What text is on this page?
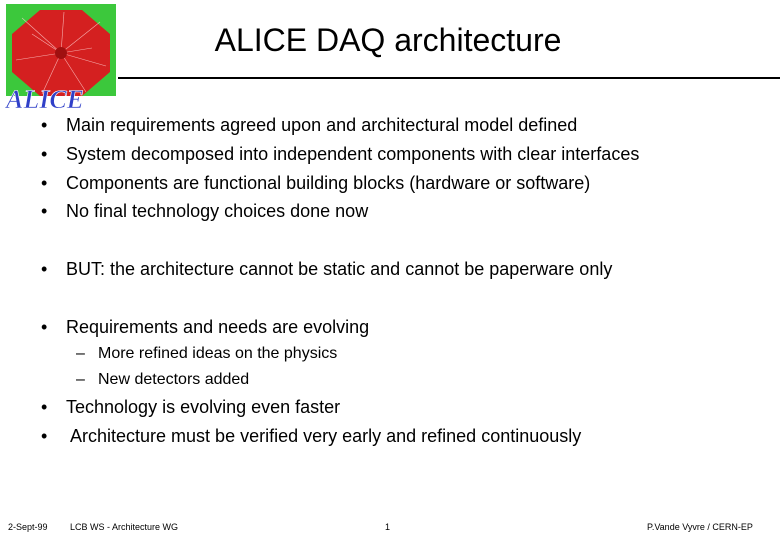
ALICE
ALICE DAQ architecture
•	Main requirements agreed upon and architectural model defined
•	System decomposed into independent components with clear interfaces
•	Components are functional building blocks (hardware or software)
•	No final technology choices done now
•	BUT: the architecture cannot be static and cannot be paperware only
•	Requirements and needs are evolving
– More refined ideas on the physics
– New detectors added
•	Technology is evolving even faster
•	Architecture must be verified very early and refined continuously
2-Sept-99 LCB WS - Architecture WG	1	P.Vande Vyvre / CERN-EP
